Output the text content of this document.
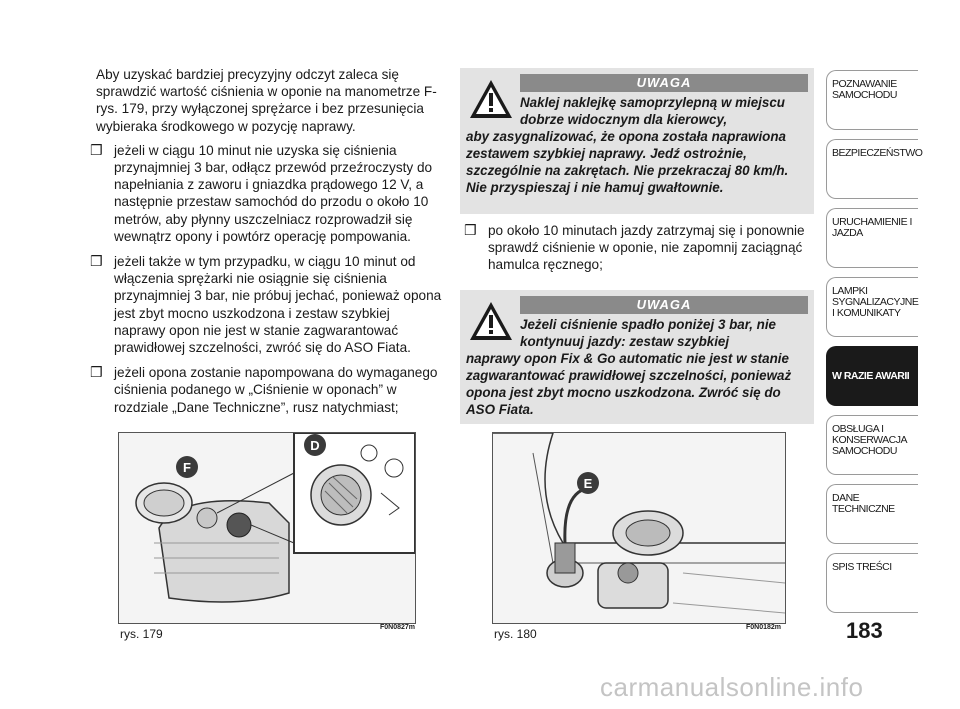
Aby uzyskać bardziej precyzyjny odczyt zaleca się sprawdzić wartość ciśnienia w oponie na manometrze F-rys. 179, przy wyłączonej sprężarce i bez przesunięcia wybieraka środkowego w pozycję naprawy.

❒ jeżeli w ciągu 10 minut nie uzyska się ciśnienia przynajmniej 3 bar, odłącz przewód przeźroczysty do napełniania z zaworu i gniazdka prądowego 12 V, a następnie przestaw samochód do przodu o około 10 metrów, aby płynny uszczelniacz rozprowadził się wewnątrz opony i powtórz operację pompowania.
❒ jeżeli także w tym przypadku, w ciągu 10 minut od włączenia sprężarki nie osiągnie się ciśnienia przynajmniej 3 bar, nie próbuj jechać, ponieważ opona jest zbyt mocno uszkodzona i zestaw szybkiej naprawy opon nie jest w stanie zagwarantować prawidłowej szczelności, zwróć się do ASO Fiata.
❒ jeżeli opona zostanie napompowana do wymaganego ciśnienia podanego w „Ciśnienie w oponach” w rozdziale „Dane Techniczne”, rusz natychmiast;
UWAGA
Naklej naklejkę samoprzylepną w miejscu dobrze widocznym dla kierowcy,
aby zasygnalizować, że opona została naprawiona zestawem szybkiej naprawy. Jedź ostrożnie, szczególnie na zakrętach. Nie przekraczaj 80 km/h. Nie przyspieszaj i nie hamuj gwałtownie.
❒ po około 10 minutach jazdy zatrzymaj się i ponownie sprawdź ciśnienie w oponie, nie zapomnij zaciągnąć hamulca ręcznego;
UWAGA
Jeżeli ciśnienie spadło poniżej 3 bar, nie kontynuuj jazdy: zestaw szybkiej
naprawy opon Fix & Go automatic nie jest w stanie zagwarantować prawidłowej szczelności, ponieważ opona jest zbyt mocno uszkodzona. Zwróć się do ASO Fiata.
F
D
rys. 179	F0N0827m
E
rys. 180	F0N0182m
POZNAWANIE SAMOCHODU
BEZPIECZEŃSTWO
URUCHAMIENIE I JAZDA
LAMPKI SYGNALIZACYJNE I KOMUNIKATY
W RAZIE AWARII
OBSŁUGA I KONSERWACJA SAMOCHODU
DANE TECHNICZNE
SPIS TREŚCI
183
carmanualsonline.info
